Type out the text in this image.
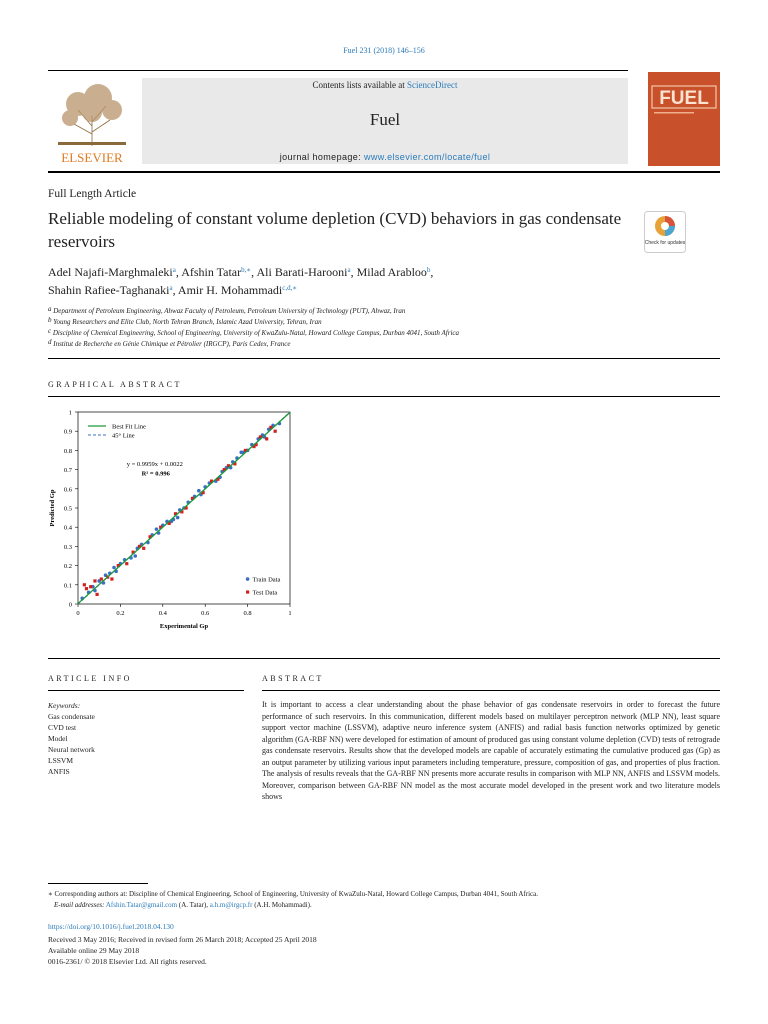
Fuel 231 (2018) 146–156
ELSEVIER
Contents lists available at ScienceDirect
Fuel
journal homepage: www.elsevier.com/locate/fuel
FUEL
Full Length Article
Reliable modeling of constant volume depletion (CVD) behaviors in gas condensate reservoirs	Check for updates
Adel Najafi-Marghmaleki$^a$, Afshin Tatar$^{b,∗}$, Ali Barati-Harooni$^a$, Milad Arabloo$^b$,
Shahin Rafiee-Taghanaki$^a$, Amir H. Mohammadi$^{c,d,∗}$
$^a$ Department of Petroleum Engineering, Ahwaz Faculty of Petroleum, Petroleum University of Technology (PUT), Ahwaz, Iran
$^b$ Young Researchers and Elite Club, North Tehran Branch, Islamic Azad University, Tehran, Iran
$^c$ Discipline of Chemical Engineering, School of Engineering, University of KwaZulu-Natal, Howard College Campus, Durban 4041, South Africa
$^d$ Institut de Recherche en Génie Chimique et Pétrolier (IRGCP), Paris Cedex, France
GRAPHICAL ABSTRACT
0	0.2	0.4	0.6	0.8	1
0
0.1
0.2
0.3
0.4
0.5
0.6
0.7
0.8
0.9
1
Best Fit Line
45° Line
y = 0.9959x + 0.0022
R² = 0.996
Train Data
Test Data
Experimental Gp
Predicted Gp
ARTICLE INFO	ABSTRACT
Keywords:
Gas condensate
CVD test
Model
Neural network
LSSVM
ANFIS
It is important to access a clear understanding about the phase behavior of gas condensate reservoirs in order to forecast the future performance of such reservoirs. In this communication, different models based on multilayer perceptron network (MLP NN), least square support vector machine (LSSVM), adaptive neuro inference system (ANFIS) and radial basis function networks optimized by genetic algorithm (GA-RBF NN) were developed for estimation of amount of produced gas using constant volume depletion (CVD) tests of retrograde gas condensate reservoirs. Results show that the developed models are capable of accurately estimating the cumulative produced gas (Gp) as an output parameter by utilizing various input parameters including temperature, pressure, composition of gas, and properties of plus fraction. The analysis of results reveals that the GA-RBF NN presents more accurate results in comparison with MLP NN, ANFIS and LSSVM models. Moreover, comparison between GA-RBF NN model as the most accurate model developed in the present work and two literature models shows
∗ Corresponding authors at: Discipline of Chemical Engineering, School of Engineering, University of KwaZulu-Natal, Howard College Campus, Durban 4041, South Africa.
E-mail addresses: Afshin.Tatar@gmail.com (A. Tatar), a.h.m@irgcp.fr (A.H. Mohammadi).
https://doi.org/10.1016/j.fuel.2018.04.130
Received 3 May 2016; Received in revised form 26 March 2018; Accepted 25 April 2018
Available online 29 May 2018
0016-2361/ © 2018 Elsevier Ltd. All rights reserved.
